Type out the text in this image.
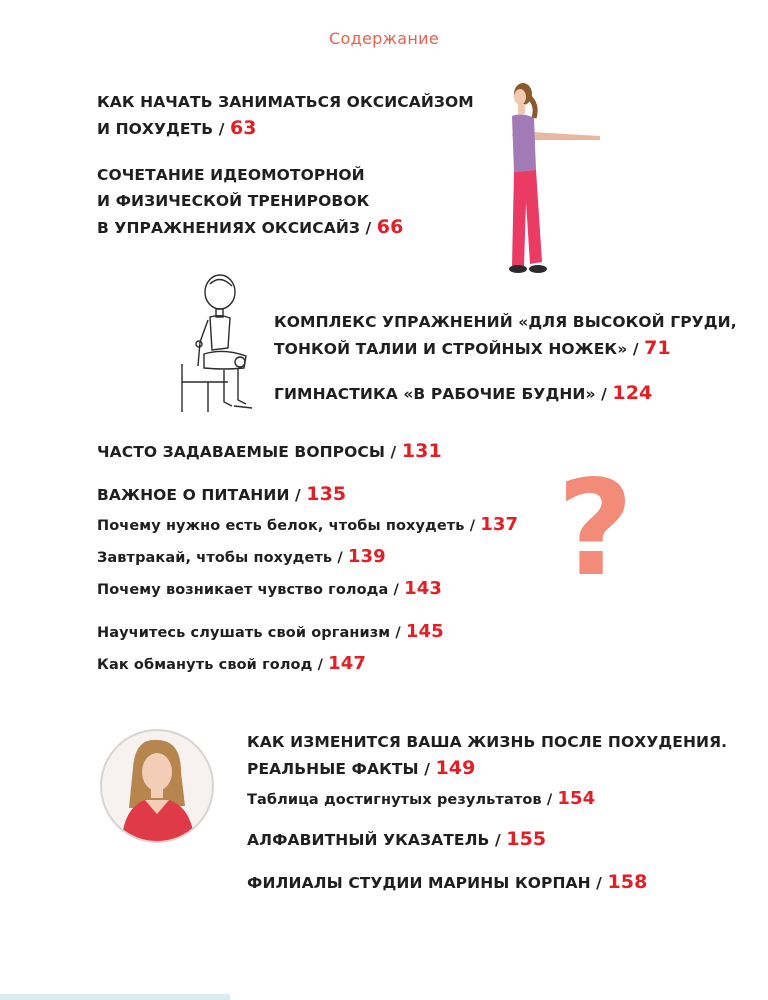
Содержание
КАК НАЧАТЬ ЗАНИМАТЬСЯ ОКСИСАЙЗОМ
И ПОХУДЕТЬ / 63
СОЧЕТАНИЕ ИДЕОМОТОРНОЙ
И ФИЗИЧЕСКОЙ ТРЕНИРОВОК
В УПРАЖНЕНИЯХ ОКСИСАЙЗ / 66
КОМПЛЕКС УПРАЖНЕНИЙ «ДЛЯ ВЫСОКОЙ ГРУДИ,
ТОНКОЙ ТАЛИИ И СТРОЙНЫХ НОЖЕК» / 71
ГИМНАСТИКА «В РАБОЧИЕ БУДНИ» / 124
ЧАСТО ЗАДАВАЕМЫЕ ВОПРОСЫ / 131
ВАЖНОЕ О ПИТАНИИ / 135
Почему нужно есть белок, чтобы похудеть / 137
Завтракай, чтобы похудеть / 139
Почему возникает чувство голода / 143
Научитесь слушать свой организм / 145
Как обмануть свой голод / 147
КАК ИЗМЕНИТСЯ ВАША ЖИЗНЬ ПОСЛЕ ПОХУДЕНИЯ.
РЕАЛЬНЫЕ ФАКТЫ / 149
Таблица достигнутых результатов / 154
АЛФАВИТНЫЙ УКАЗАТЕЛЬ / 155
ФИЛИАЛЫ СТУДИИ МАРИНЫ КОРПАН / 158
?
